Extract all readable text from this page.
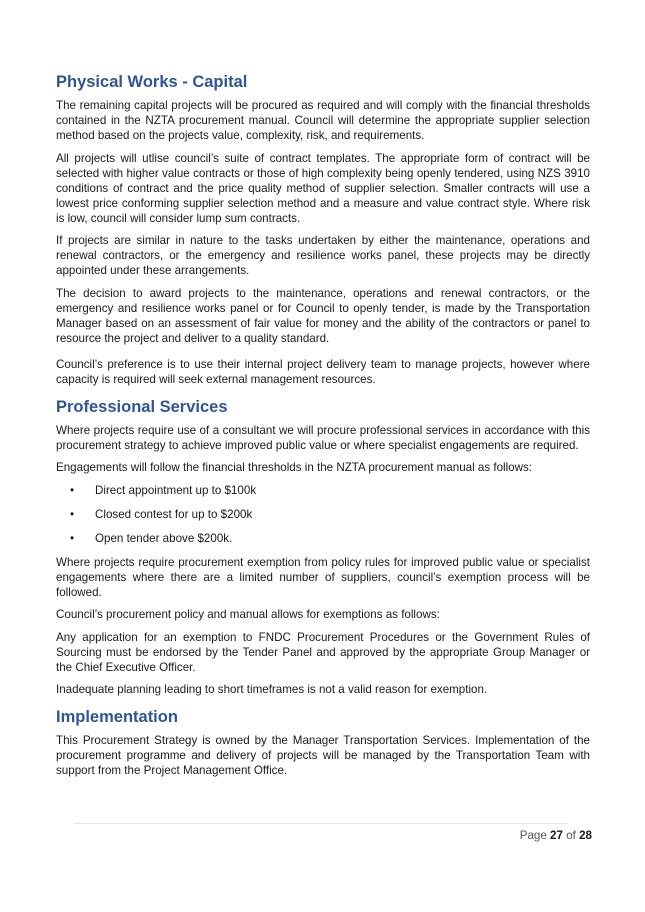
Physical Works - Capital

The remaining capital projects will be procured as required and will comply with the financial thresholds contained in the NZTA procurement manual. Council will determine the appropriate supplier selection method based on the projects value, complexity, risk, and requirements.

All projects will utlise council’s suite of contract templates. The appropriate form of contract will be selected with higher value contracts or those of high complexity being openly tendered, using NZS 3910 conditions of contract and the price quality method of supplier selection. Smaller contracts will use a lowest price conforming supplier selection method and a measure and value contract style. Where risk is low, council will consider lump sum contracts.

If projects are similar in nature to the tasks undertaken by either the maintenance, operations and renewal contractors, or the emergency and resilience works panel, these projects may be directly appointed under these arrangements.

The decision to award projects to the maintenance, operations and renewal contractors, or the emergency and resilience works panel or for Council to openly tender, is made by the Transportation Manager based on an assessment of fair value for money and the ability of the contractors or panel to resource the project and deliver to a quality standard.

Council’s preference is to use their internal project delivery team to manage projects, however where capacity is required will seek external management resources.

Professional Services

Where projects require use of a consultant we will procure professional services in accordance with this procurement strategy to achieve improved public value or where specialist engagements are required.

Engagements will follow the financial thresholds in the NZTA procurement manual as follows:

• Direct appointment up to $100k
• Closed contest for up to $200k
• Open tender above $200k.

Where projects require procurement exemption from policy rules for improved public value or specialist engagements where there are a limited number of suppliers, council’s exemption process will be followed.

Council’s procurement policy and manual allows for exemptions as follows:

Any application for an exemption to FNDC Procurement Procedures or the Government Rules of Sourcing must be endorsed by the Tender Panel and approved by the appropriate Group Manager or the Chief Executive Officer.

Inadequate planning leading to short timeframes is not a valid reason for exemption.

Implementation

This Procurement Strategy is owned by the Manager Transportation Services. Implementation of the procurement programme and delivery of projects will be managed by the Transportation Team with support from the Project Management Office.

Page 27 of 28
